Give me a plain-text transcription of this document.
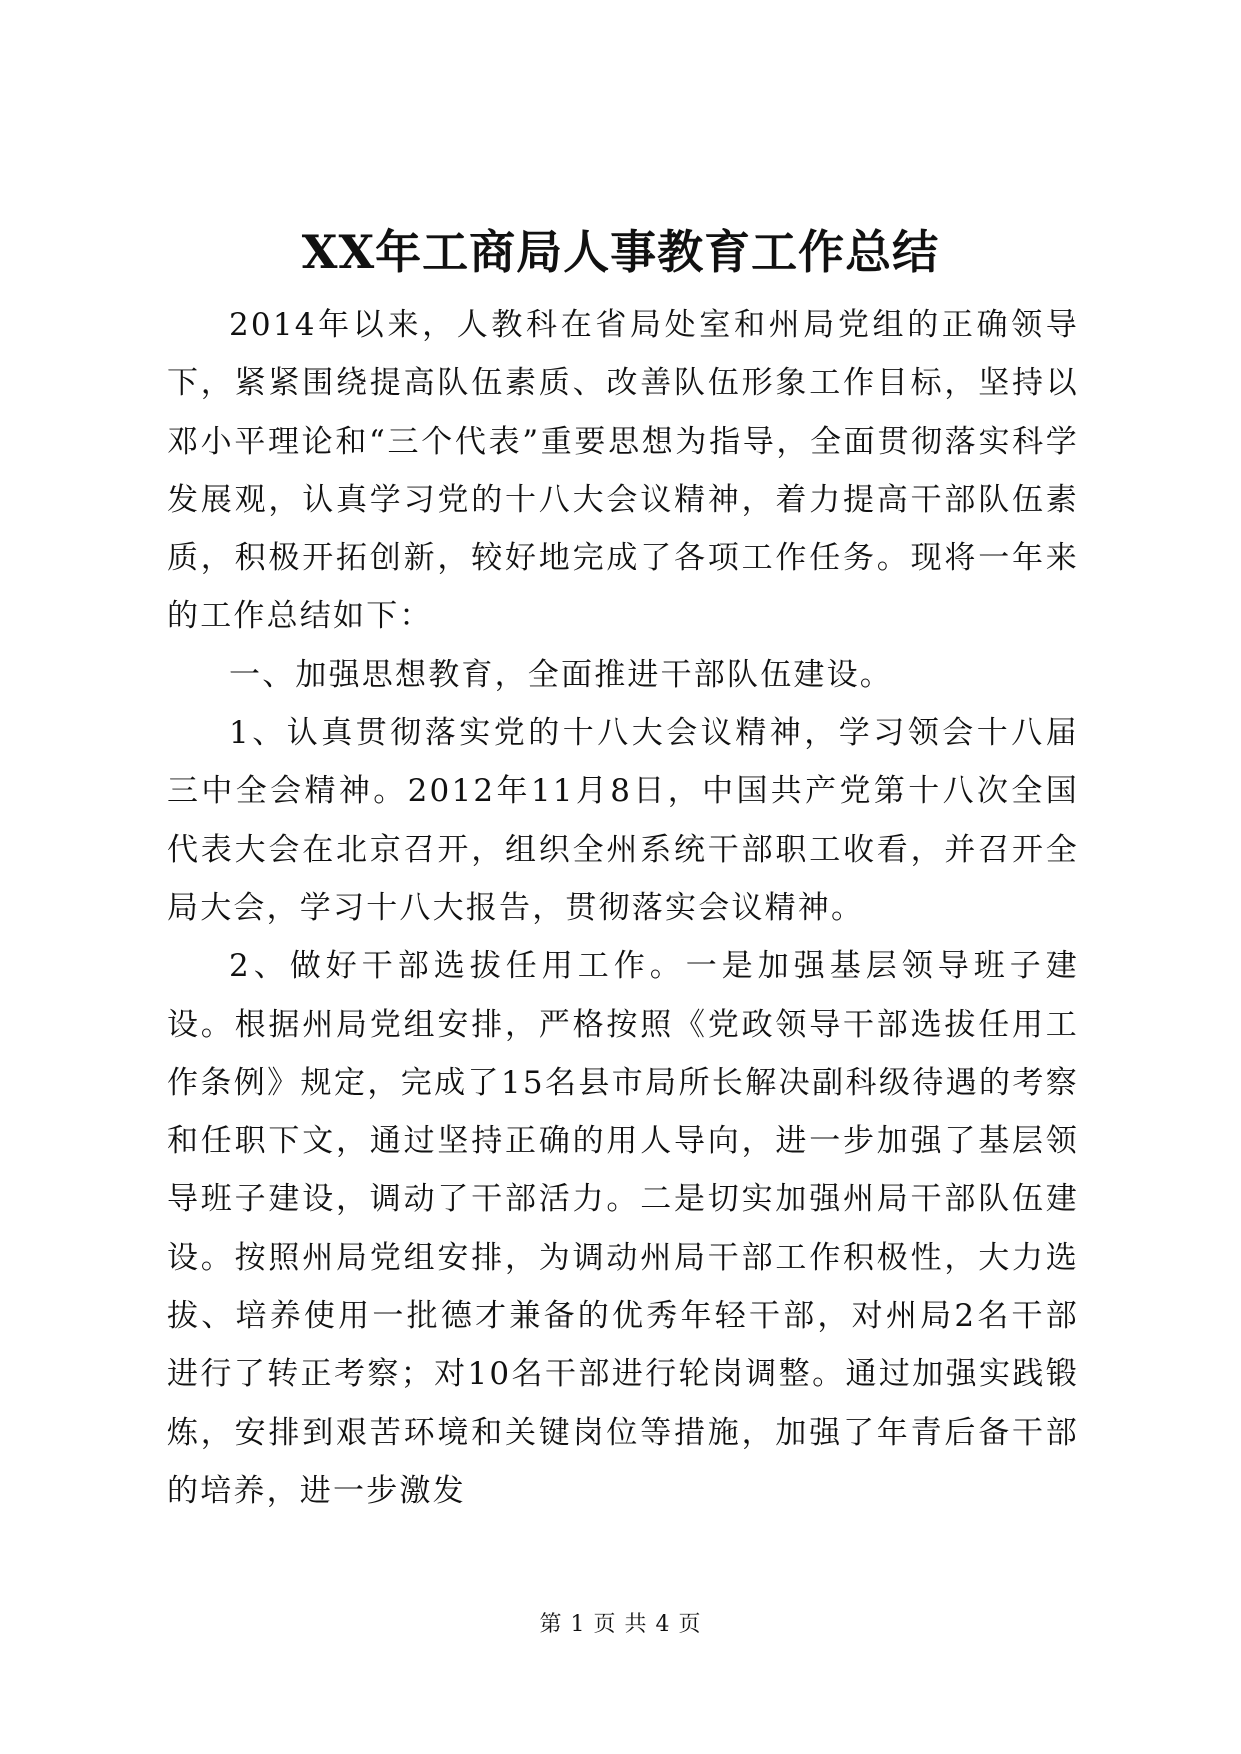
XX年工商局人事教育工作总结

2014年以来，人教科在省局处室和州局党组的正确领导下，紧紧围绕提高队伍素质、改善队伍形象工作目标，坚持以邓小平理论和“三个代表”重要思想为指导，全面贯彻落实科学发展观，认真学习党的十八大会议精神，着力提高干部队伍素质，积极开拓创新，较好地完成了各项工作任务。现将一年来的工作总结如下：

一、加强思想教育，全面推进干部队伍建设。

1、认真贯彻落实党的十八大会议精神，学习领会十八届三中全会精神。2012年11月8日，中国共产党第十八次全国代表大会在北京召开，组织全州系统干部职工收看，并召开全局大会，学习十八大报告，贯彻落实会议精神。

2、做好干部选拔任用工作。一是加强基层领导班子建设。根据州局党组安排，严格按照《党政领导干部选拔任用工作条例》规定，完成了15名县市局所长解决副科级待遇的考察和任职下文，通过坚持正确的用人导向，进一步加强了基层领导班子建设，调动了干部活力。二是切实加强州局干部队伍建设。按照州局党组安排，为调动州局干部工作积极性，大力选拔、培养使用一批德才兼备的优秀年轻干部，对州局2名干部进行了转正考察；对10名干部进行轮岗调整。通过加强实践锻炼，安排到艰苦环境和关键岗位等措施，加强了年青后备干部的培养，进一步激发

第 1 页 共 4 页
